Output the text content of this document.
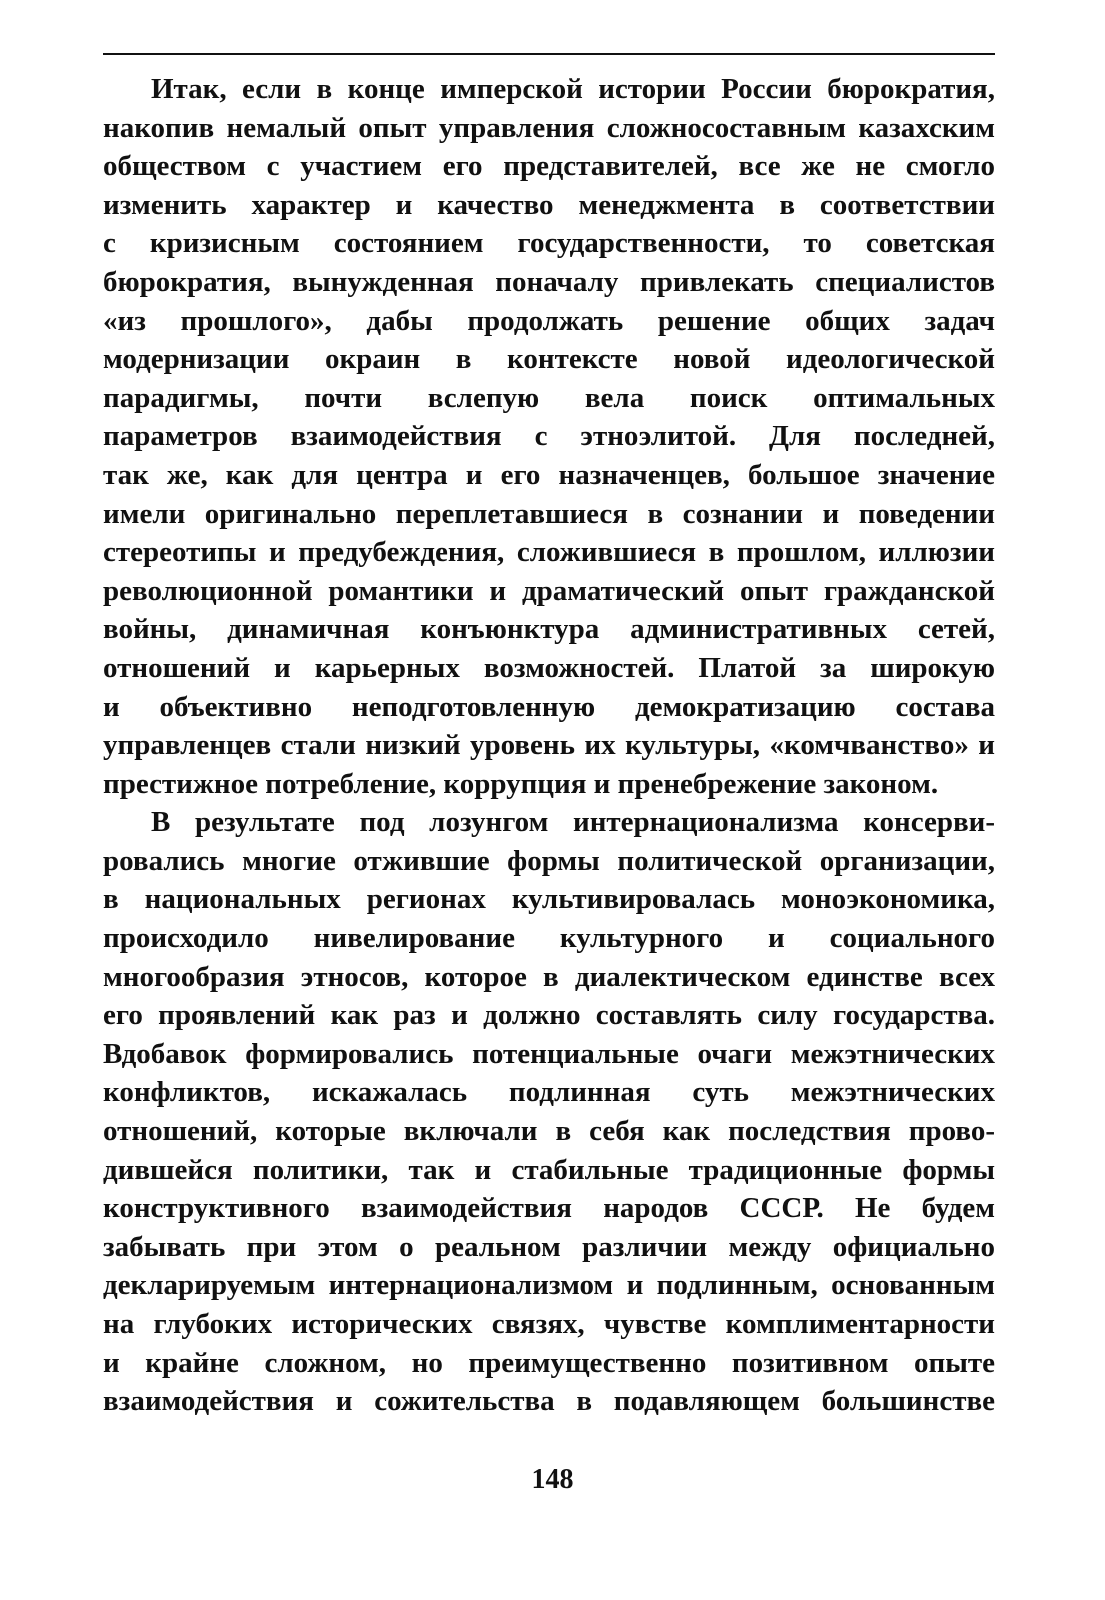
Итак, если в конце имперской истории России бюрократия,
накопив немалый опыт управления сложносоставным казахским
обществом с участием его представителей, все же не смогло
изменить характер и качество менеджмента в соответствии
с кризисным состоянием государственности, то советская
бюрократия, вынужденная поначалу привлекать специалистов
«из прошлого», дабы продолжать решение общих задач
модернизации окраин в контексте новой идеологической
парадигмы, почти вслепую вела поиск оптимальных
параметров взаимодействия с этноэлитой. Для последней,
так же, как для центра и его назначенцев, большое значение
имели оригинально переплетавшиеся в сознании и поведении
стереотипы и предубеждения, сложившиеся в прошлом, иллюзии
революционной романтики и драматический опыт гражданской
войны, динамичная конъюнктура административных сетей,
отношений и карьерных возможностей. Платой за широкую
и объективно неподготовленную демократизацию состава
управленцев стали низкий уровень их культуры, «комчванство» и
престижное потребление, коррупция и пренебрежение законом.
В результате под лозунгом интернационализма консерви-
ровались многие отжившие формы политической организации,
в национальных регионах культивировалась моноэкономика,
происходило нивелирование культурного и социального
многообразия этносов, которое в диалектическом единстве всех
его проявлений как раз и должно составлять силу государства.
Вдобавок формировались потенциальные очаги межэтнических
конфликтов, искажалась подлинная суть межэтнических
отношений, которые включали в себя как последствия прово-
дившейся политики, так и стабильные традиционные формы
конструктивного взаимодействия народов СССР. Не будем
забывать при этом о реальном различии между официально
декларируемым интернационализмом и подлинным, основанным
на глубоких исторических связях, чувстве комплиментарности
и крайне сложном, но преимущественно позитивном опыте
взаимодействия и сожительства в подавляющем большинстве
148
